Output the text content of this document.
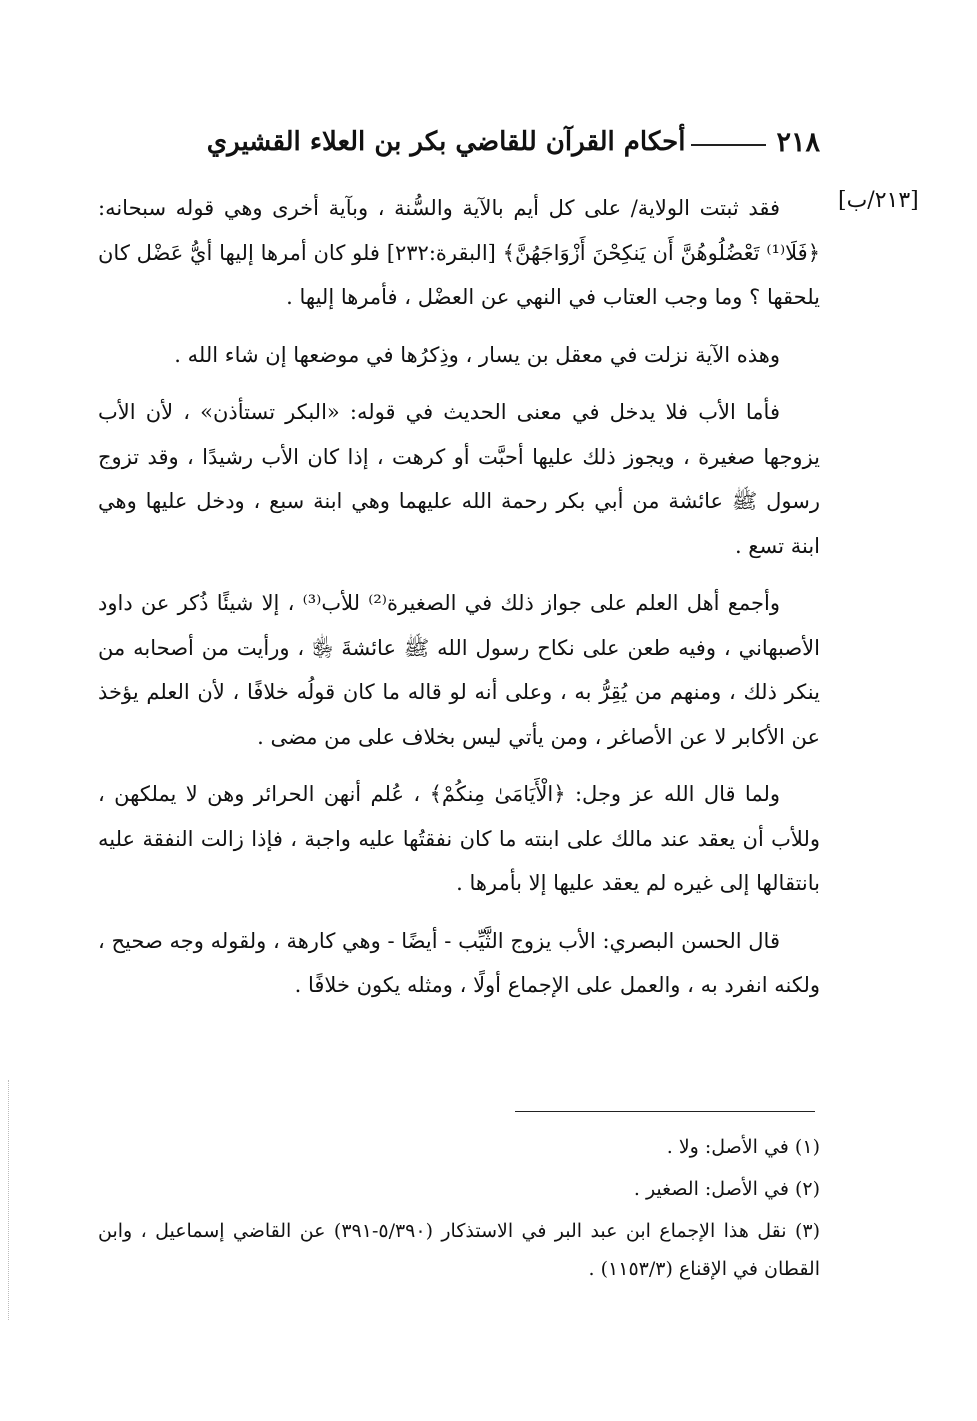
٢١٨
أحكام القرآن للقاضي بكر بن العلاء القشيري
[٢١٣/ب]

فقد ثبتت الولاية/ على كل أيم بالآية والسُّنة ، وبآية أخرى وهي قوله سبحانه: ﴿فَلَا⁽¹⁾ تَعْضُلُوهُنَّ أَن يَنكِحْنَ أَزْوَاجَهُنَّ﴾ [البقرة:٢٣٢] فلو كان أمرها إليها أيُّ عَضْل كان يلحقها ؟ وما وجب العتاب في النهي عن العضْل ، فأمرها إليها .

وهذه الآية نزلت في معقل بن يسار ، وذِكرُها في موضعها إن شاء الله .

فأما الأب فلا يدخل في معنى الحديث في قوله: «البكر تستأذن» ، لأن الأب يزوجها صغيرة ، ويجوز ذلك عليها أحبَّت أو كرهت ، إذا كان الأب رشيدًا ، وقد تزوج رسول ﷺ عائشة من أبي بكر رحمة الله عليهما وهي ابنة سبع ، ودخل عليها وهي ابنة تسع .

وأجمع أهل العلم على جواز ذلك في الصغيرة⁽²⁾ للأب⁽³⁾ ، إلا شيئًا ذُكر عن داود الأصبهاني ، وفيه طعن على نكاح رسول الله ﷺ عائشةَ ﵂ ، ورأيت من أصحابه من ينكر ذلك ، ومنهم من يُقِرُّ به ، وعلى أنه لو قاله ما كان قولُه خلافًا ، لأن العلم يؤخذ عن الأكابر لا عن الأصاغر ، ومن يأتي ليس بخلاف على من مضى .

ولما قال الله عز وجل: ﴿الْأَيَامَىٰ مِنكُمْ﴾ ، عُلم أنهن الحرائر وهن لا يملكهن ، وللأب أن يعقد عند مالك على ابنته ما كان نفقتُها عليه واجبة ، فإذا زالت النفقة عليه بانتقالها إلى غيره لم يعقد عليها إلا بأمرها .

قال الحسن البصري: الأب يزوج الثَّيِّب - أيضًا - وهي كارهة ، ولقوله وجه صحيح ، ولكنه انفرد به ، والعمل على الإجماع أولًا ، ومثله يكون خلافًا .

(١) في الأصل: ولا .
(٢) في الأصل: الصغير .
(٣) نقل هذا الإجماع ابن عبد البر في الاستذكار (٥/٣٩٠-٣٩١) عن القاضي إسماعيل ، وابن القطان في الإقناع (١١٥٣/٣) .
